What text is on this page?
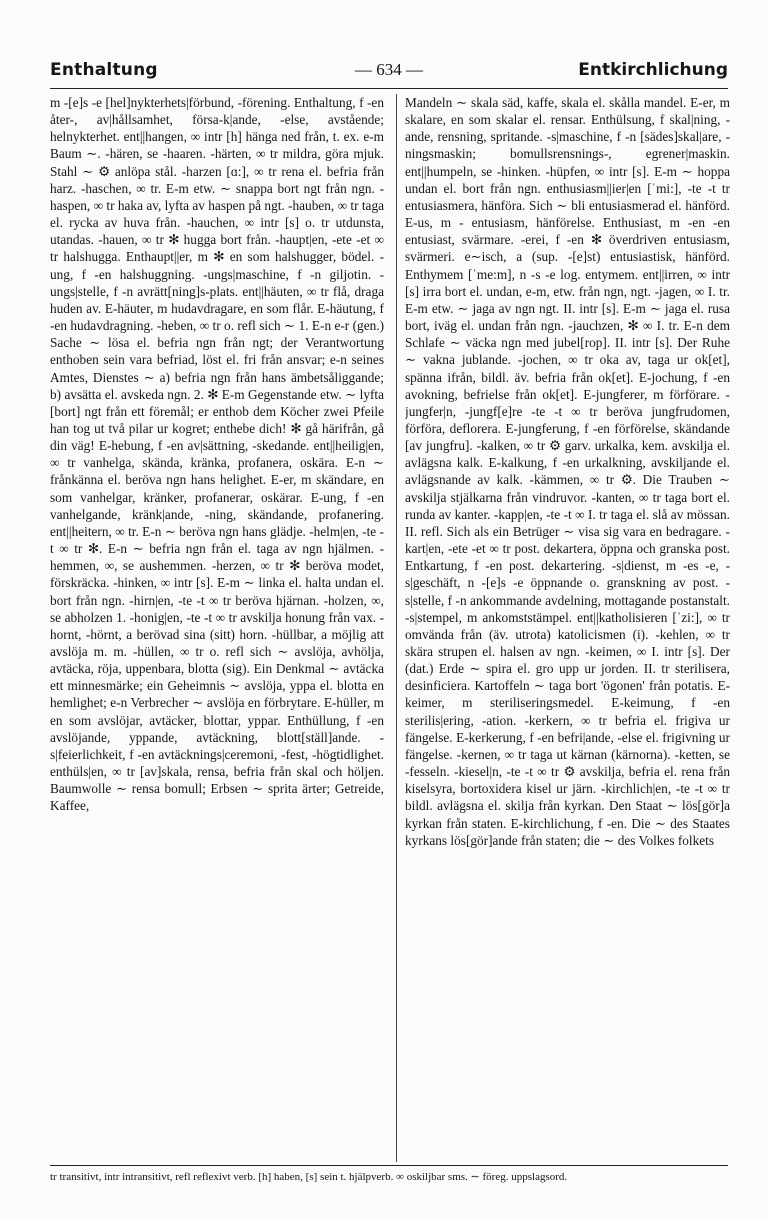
Enthaltung	— 634 —	Entkirchlichung

m -[e]s -e [hel]nykterhets|förbund, -förening. Enthaltung, f -en åter-, av|hållsamhet, försa-k|ande, -else, avstående; helnykterhet. ent||hangen, ∞ intr [h] hänga ned från, t. ex. e-m Baum ∼. -hären, se -haaren. -härten, ∞ tr mildra, göra mjuk. Stahl ∼ ⚙ anlöpa stål. -harzen [ɑ:], ∞ tr rena el. befria från harz. -haschen, ∞ tr. E-m etw. ∼ snappa bort ngt från ngn. -haspen, ∞ tr haka av, lyfta av haspen på ngt. -hauben, ∞ tr taga el. rycka av huva från. -hauchen, ∞ intr [s] o. tr utdunsta, utandas. -hauen, ∞ tr ✻ hugga bort från. -haupt|en, -ete -et ∞ tr halshugga. Enthaupt||er, m ✻ en som halshugger, bödel. -ung, f -en halshuggning. -ungs|maschine, f -n giljotin. -ungs|stelle, f -n avrätt[ning]s-plats. ent||häuten, ∞ tr flå, draga huden av. E-häuter, m hudavdragare, en som flår. E-häutung, f -en hudavdragning. -heben, ∞ tr o. refl sich ∼ 1. E-n e-r (gen.) Sache ∼ lösa el. befria ngn från ngt; der Verantwortung enthoben sein vara befriad, löst el. fri från ansvar; e-n seines Amtes, Dienstes ∼ a) befria ngn från hans ämbetsåliggande; b) avsätta el. avskeda ngn. 2. ✻ E-m Gegenstande etw. ∼ lyfta [bort] ngt från ett föremål; er enthob dem Köcher zwei Pfeile han tog ut två pilar ur kogret; enthebe dich! ✻ gå härifrån, gå din väg! E-hebung, f -en av|sättning, -skedande. ent||heilig|en, ∞ tr vanhelga, skända, kränka, profanera, oskära. E-n ∼ frånkänna el. beröva ngn hans helighet. E-er, m skändare, en som vanhelgar, kränker, profanerar, oskärar. E-ung, f -en vanhelgande, kränk|ande, -ning, skändande, profanering. ent||heitern, ∞ tr. E-n ∼ beröva ngn hans glädje. -helm|en, -te -t ∞ tr ✻. E-n ∼ befria ngn från el. taga av ngn hjälmen. -hemmen, ∞, se aushemmen. -herzen, ∞ tr ✻ beröva modet, förskräcka. -hinken, ∞ intr [s]. E-m ∼ linka el. halta undan el. bort från ngn. -hirn|en, -te -t ∞ tr beröva hjärnan. -holzen, ∞, se abholzen 1. -honig|en, -te -t ∞ tr avskilja honung från vax. -hornt, -hörnt, a berövad sina (sitt) horn. -hüllbar, a möjlig att avslöja m. m. -hüllen, ∞ tr o. refl sich ∼ avslöja, avhölja, avtäcka, röja, uppenbara, blotta (sig). Ein Denkmal ∼ avtäcka ett minnesmärke; ein Geheimnis ∼ avslöja, yppa el. blotta en hemlighet; e-n Verbrecher ∼ avslöja en förbrytare. E-hüller, m en som avslöjar, avtäcker, blottar, yppar. Enthüllung, f -en avslöjande, yppande, avtäckning, blott[ställ]ande. -s|feierlichkeit, f -en avtäcknings|ceremoni, -fest, -högtidlighet. enthüls|en, ∞ tr [av]skala, rensa, befria från skal och höljen. Baumwolle ∼ rensa bomull; Erbsen ∼ sprita ärter; Getreide, Kaffee,

Mandeln ∼ skala säd, kaffe, skala el. skålla mandel. E-er, m skalare, en som skalar el. rensar. Enthülsung, f skal|ning, -ande, rensning, spritande. -s|maschine, f -n [sädes]skal|are, -ningsmaskin; bomullsrensnings-, egrener|maskin. ent||humpeln, se -hinken. -hüpfen, ∞ intr [s]. E-m ∼ hoppa undan el. bort från ngn. enthusiasm||ier|en [ˈmi:], -te -t tr entusiasmera, hänföra. Sich ∼ bli entusiasmerad el. hänförd. E-us, m - entusiasm, hänförelse. Enthusiast, m -en -en entusiast, svärmare. -erei, f -en ✻ överdriven entusiasm, svärmeri. e∼isch, a (sup. -[e]st) entusiastisk, hänförd. Enthymem [ˈme:m], n -s -e log. entymem. ent||irren, ∞ intr [s] irra bort el. undan, e-m, etw. från ngn, ngt. -jagen, ∞ I. tr. E-m etw. ∼ jaga av ngn ngt. II. intr [s]. E-m ∼ jaga el. rusa bort, iväg el. undan från ngn. -jauchzen, ✻ ∞ I. tr. E-n dem Schlafe ∼ väcka ngn med jubel[rop]. II. intr [s]. Der Ruhe ∼ vakna jublande. -jochen, ∞ tr oka av, taga ur ok[et], spänna ifrån, bildl. äv. befria från ok[et]. E-jochung, f -en avokning, befrielse från ok[et]. E-jungferer, m förförare. -jungfer|n, -jungf[e]re -te -t ∞ tr beröva jungfrudomen, förföra, deflorera. E-jungferung, f -en förförelse, skändande [av jungfru]. -kalken, ∞ tr ⚙ garv. urkalka, kem. avskilja el. avlägsna kalk. E-kalkung, f -en urkalkning, avskiljande el. avlägsnande av kalk. -kämmen, ∞ tr ⚙. Die Trauben ∼ avskilja stjälkarna från vindruvor. -kanten, ∞ tr taga bort el. runda av kanter. -kapp|en, -te -t ∞ I. tr taga el. slå av mössan. II. refl. Sich als ein Betrüger ∼ visa sig vara en bedragare. -kart|en, -ete -et ∞ tr post. dekartera, öppna och granska post. Entkartung, f -en post. dekartering. -s|dienst, m -es -e, -s|geschäft, n -[e]s -e öppnande o. granskning av post. -s|stelle, f -n ankommande avdelning, mottagande postanstalt. -s|stempel, m ankomststämpel. ent||katholisieren [ˈzi:], ∞ tr omvända från (äv. utrota) katolicismen (i). -kehlen, ∞ tr skära strupen el. halsen av ngn. -keimen, ∞ I. intr [s]. Der (dat.) Erde ∼ spira el. gro upp ur jorden. II. tr sterilisera, desinficiera. Kartoffeln ∼ taga bort 'ögonen' från potatis. E-keimer, m steriliseringsmedel. E-keimung, f -en sterilis|ering, -ation. -kerkern, ∞ tr befria el. frigiva ur fängelse. E-kerkerung, f -en befri|ande, -else el. frigivning ur fängelse. -kernen, ∞ tr taga ut kärnan (kärnorna). -ketten, se -fesseln. -kiesel|n, -te -t ∞ tr ⚙ avskilja, befria el. rena från kiselsyra, bortoxidera kisel ur järn. -kirchlich|en, -te -t ∞ tr bildl. avlägsna el. skilja från kyrkan. Den Staat ∼ lös[gör]a kyrkan från staten. E-kirchlichung, f -en. Die ∼ des Staates kyrkans lös[gör]ande från staten; die ∼ des Volkes folkets

tr transitivt, intr intransitivt, refl reflexivt verb. [h] haben, [s] sein t. hjälpverb. ∞ oskiljbar sms. ∼ föreg. uppslagsord.
